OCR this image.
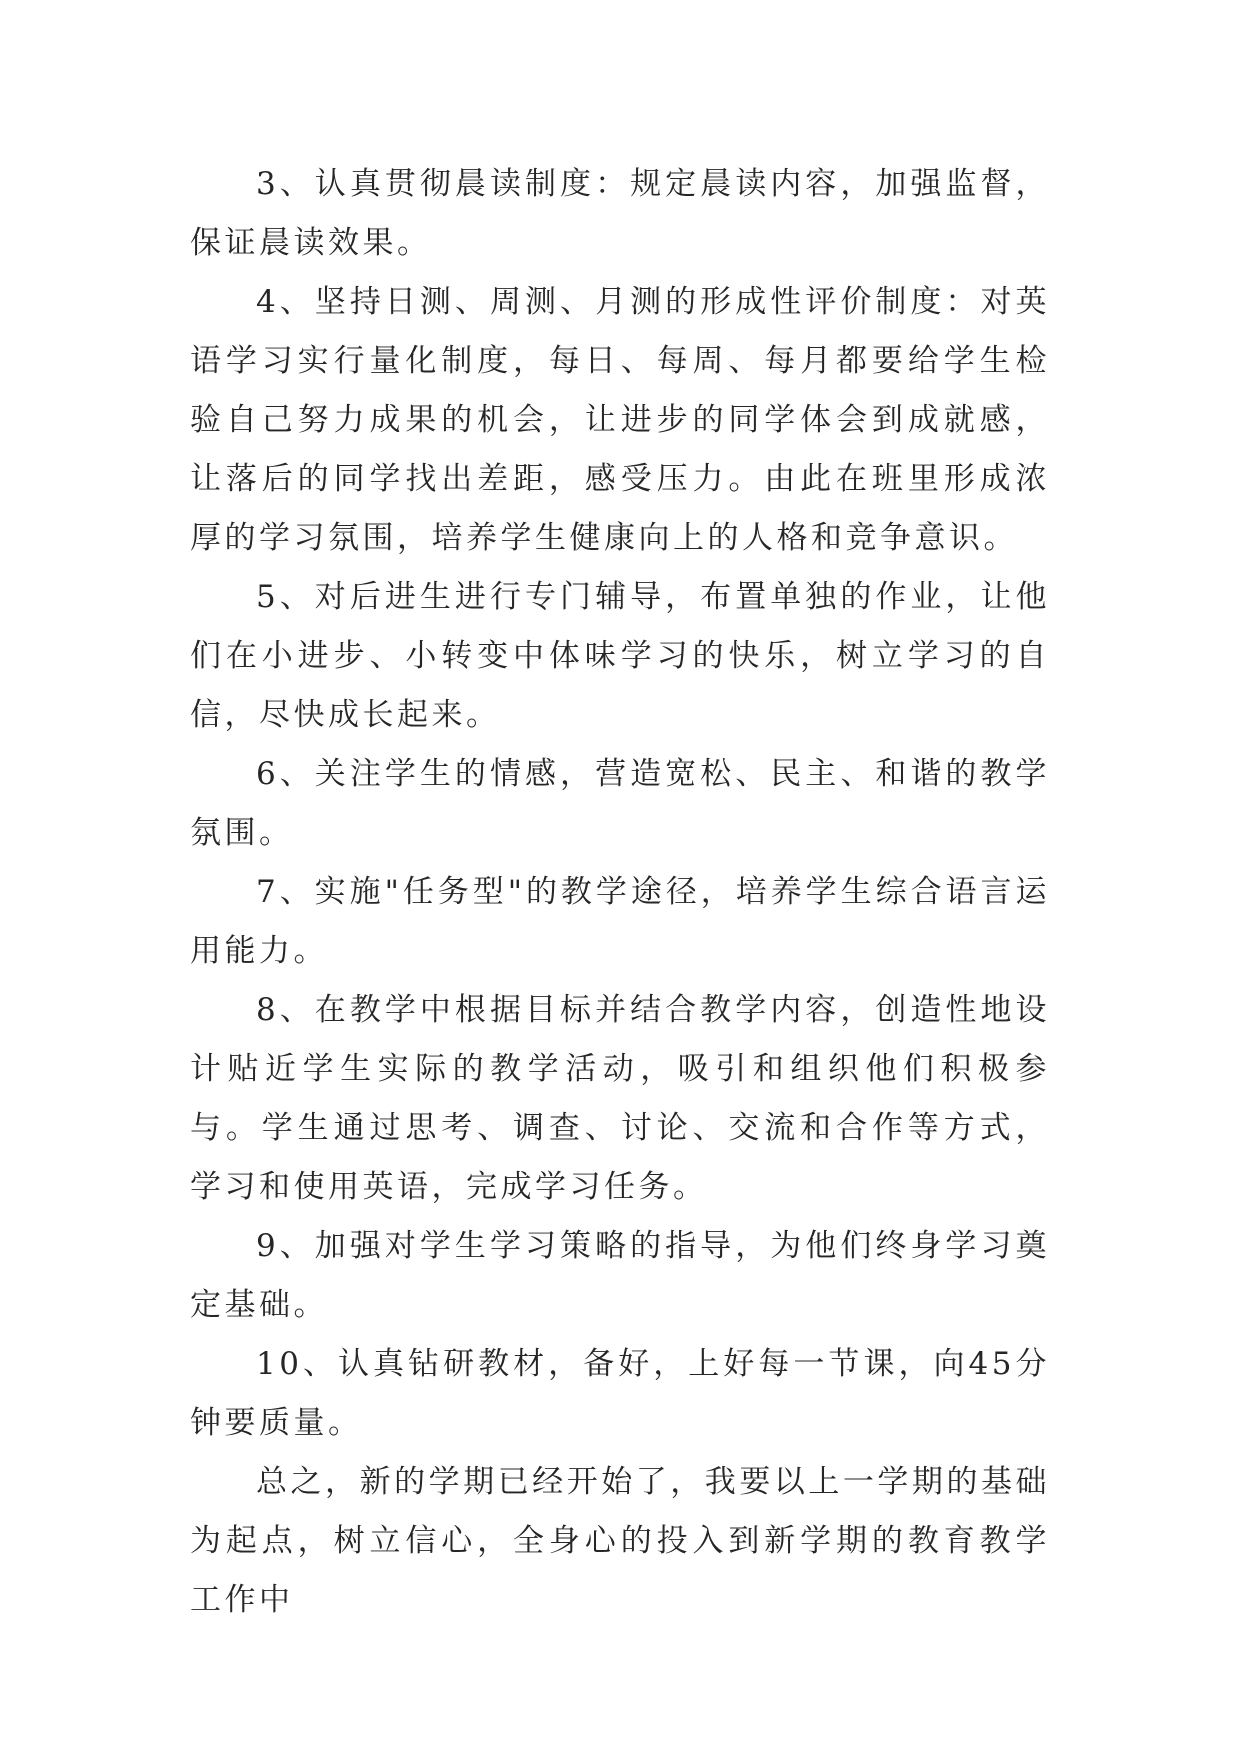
3、认真贯彻晨读制度：规定晨读内容，加强监督，保证晨读效果。

4、坚持日测、周测、月测的形成性评价制度：对英语学习实行量化制度，每日、每周、每月都要给学生检验自己努力成果的机会，让进步的同学体会到成就感，让落后的同学找出差距，感受压力。由此在班里形成浓厚的学习氛围，培养学生健康向上的人格和竞争意识。

5、对后进生进行专门辅导，布置单独的作业，让他们在小进步、小转变中体味学习的快乐，树立学习的自信，尽快成长起来。

6、关注学生的情感，营造宽松、民主、和谐的教学氛围。

7、实施"任务型"的教学途径，培养学生综合语言运用能力。

8、在教学中根据目标并结合教学内容，创造性地设计贴近学生实际的教学活动，吸引和组织他们积极参与。学生通过思考、调查、讨论、交流和合作等方式，学习和使用英语，完成学习任务。

9、加强对学生学习策略的指导，为他们终身学习奠定基础。

10、认真钻研教材，备好，上好每一节课，向45分钟要质量。

总之，新的学期已经开始了，我要以上一学期的基础为起点，树立信心，全身心的投入到新学期的教育教学工作中
